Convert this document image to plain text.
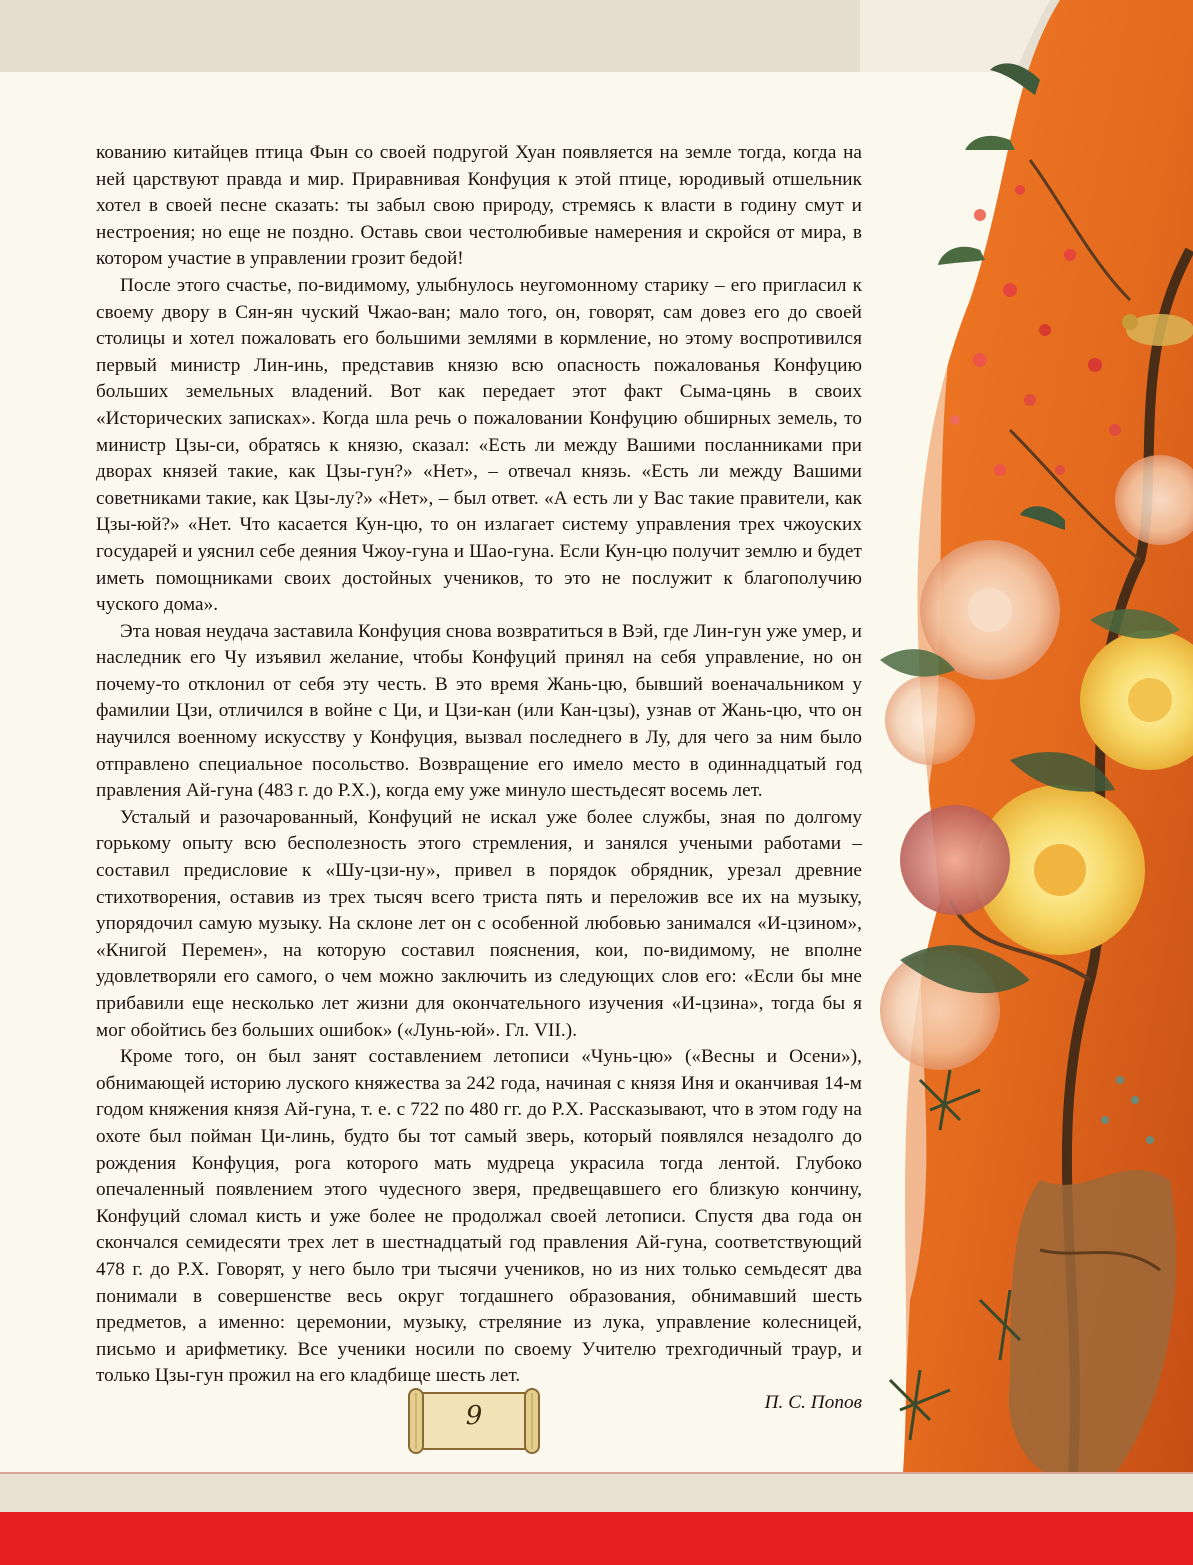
кованию китайцев птица Фын со своей подругой Хуан появляется на земле тогда, когда на ней царствуют правда и мир. Приравнивая Конфуция к этой птице, юродивый отшельник хотел в своей песне сказать: ты забыл свою природу, стремясь к власти в годину смут и нестроения; но еще не поздно. Оставь свои честолюбивые намерения и скройся от мира, в котором участие в управлении грозит бедой!

После этого счастье, по-видимому, улыбнулось неугомонному старику – его пригласил к своему двору в Сян-ян чуский Чжао-ван; мало того, он, говорят, сам довез его до своей столицы и хотел пожаловать его большими землями в кормление, но этому воспротивился первый министр Лин-инь, представив князю всю опасность пожалованья Конфуцию больших земельных владений. Вот как передает этот факт Сыма-цянь в своих «Исторических записках». Когда шла речь о пожаловании Конфуцию обширных земель, то министр Цзы-си, обратясь к князю, сказал: «Есть ли между Вашими посланниками при дворах князей такие, как Цзы-гун?» «Нет», – отвечал князь. «Есть ли между Вашими советниками такие, как Цзы-лу?» «Нет», – был ответ. «А есть ли у Вас такие правители, как Цзы-юй?» «Нет. Что касается Кун-цю, то он излагает систему управления трех чжоуских государей и уяснил себе деяния Чжоу-гуна и Шао-гуна. Если Кун-цю получит землю и будет иметь помощниками своих достойных учеников, то это не послужит к благополучию чуского дома».

Эта новая неудача заставила Конфуция снова возвратиться в Вэй, где Лин-гун уже умер, и наследник его Чу изъявил желание, чтобы Конфуций принял на себя управление, но он почему-то отклонил от себя эту честь. В это время Жань-цю, бывший военачальником у фамилии Цзи, отличился в войне с Ци, и Цзи-кан (или Кан-цзы), узнав от Жань-цю, что он научился военному искусству у Конфуция, вызвал последнего в Лу, для чего за ним было отправлено специальное посольство. Возвращение его имело место в одиннадцатый год правления Ай-гуна (483 г. до Р.Х.), когда ему уже минуло шестьдесят восемь лет.

Усталый и разочарованный, Конфуций не искал уже более службы, зная по долгому горькому опыту всю бесполезность этого стремления, и занялся учеными работами – составил предисловие к «Шу-цзи-ну», привел в порядок обрядник, урезал древние стихотворения, оставив из трех тысяч всего триста пять и переложив все их на музыку, упорядочил самую музыку. На склоне лет он с особенной любовью занимался «И-цзином», «Книгой Перемен», на которую составил пояснения, кои, по-видимому, не вполне удовлетворяли его самого, о чем можно заключить из следующих слов его: «Если бы мне прибавили еще несколько лет жизни для окончательного изучения «И-цзина», тогда бы я мог обойтись без больших ошибок» («Лунь-юй». Гл. VII.).

Кроме того, он был занят составлением летописи «Чунь-цю» («Весны и Осени»), обнимающей историю луского княжества за 242 года, начиная с князя Иня и оканчивая 14-м годом княжения князя Ай-гуна, т. е. с 722 по 480 гг. до Р.Х. Рассказывают, что в этом году на охоте был пойман Ци-линь, будто бы тот самый зверь, который появлялся незадолго до рождения Конфуция, рога которого мать мудреца украсила тогда лентой. Глубоко опечаленный появлением этого чудесного зверя, предвещавшего его близкую кончину, Конфуций сломал кисть и уже более не продолжал своей летописи. Спустя два года он скончался семидесяти трех лет в шестнадцатый год правления Ай-гуна, соответствующий 478 г. до Р.Х. Говорят, у него было три тысячи учеников, но из них только семьдесят два понимали в совершенстве весь округ тогдашнего образования, обнимавший шесть предметов, а именно: церемонии, музыку, стреляние из лука, управление колесницей, письмо и арифметику. Все ученики носили по своему Учителю трехгодичный траур, и только Цзы-гун прожил на его кладбище шесть лет.

П. С. Попов

9
